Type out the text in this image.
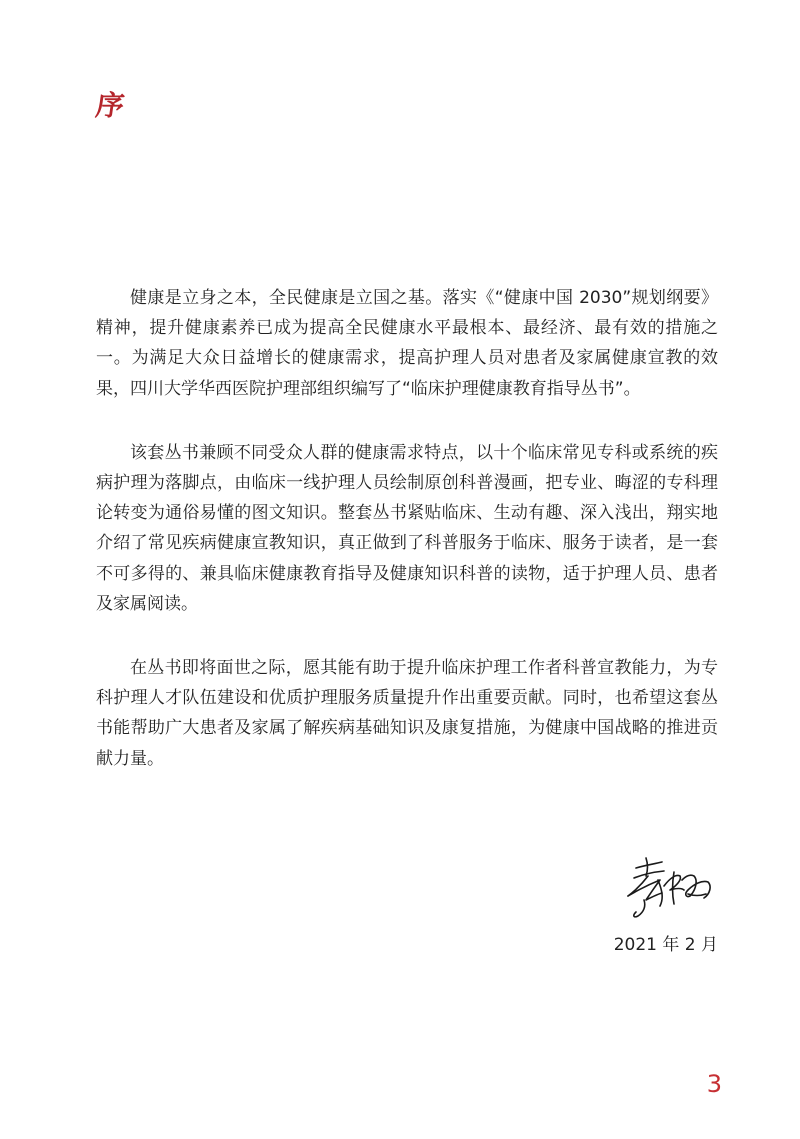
序

健康是立身之本，全民健康是立国之基。落实《“健康中国 2030”规划纲要》精神，提升健康素养已成为提高全民健康水平最根本、最经济、最有效的措施之一。为满足大众日益增长的健康需求，提高护理人员对患者及家属健康宣教的效果，四川大学华西医院护理部组织编写了“临床护理健康教育指导丛书”。

该套丛书兼顾不同受众人群的健康需求特点，以十个临床常见专科或系统的疾病护理为落脚点，由临床一线护理人员绘制原创科普漫画，把专业、晦涩的专科理论转变为通俗易懂的图文知识。整套丛书紧贴临床、生动有趣、深入浅出，翔实地介绍了常见疾病健康宣教知识，真正做到了科普服务于临床、服务于读者，是一套不可多得的、兼具临床健康教育指导及健康知识科普的读物，适于护理人员、患者及家属阅读。

在丛书即将面世之际，愿其能有助于提升临床护理工作者科普宣教能力，为专科护理人才队伍建设和优质护理服务质量提升作出重要贡献。同时，也希望这套丛书能帮助广大患者及家属了解疾病基础知识及康复措施，为健康中国战略的推进贡献力量。

2021 年 2 月
3
